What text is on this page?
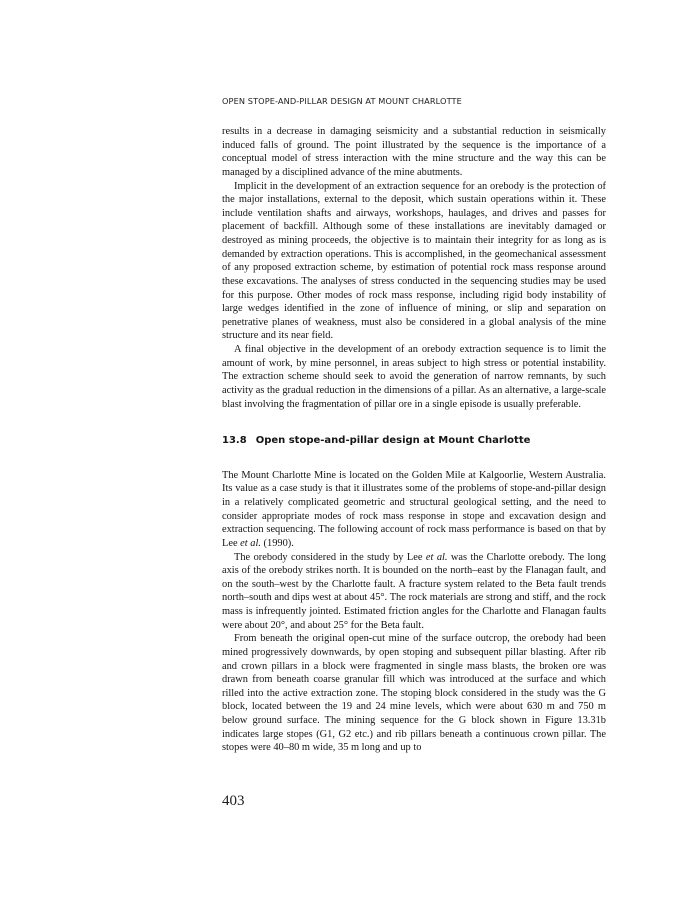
OPEN STOPE-AND-PILLAR DESIGN AT MOUNT CHARLOTTE

results in a decrease in damaging seismicity and a substantial reduction in seismically induced falls of ground. The point illustrated by the sequence is the importance of a conceptual model of stress interaction with the mine structure and the way this can be managed by a disciplined advance of the mine abutments.

Implicit in the development of an extraction sequence for an orebody is the protection of the major installations, external to the deposit, which sustain operations within it. These include ventilation shafts and airways, workshops, haulages, and drives and passes for placement of backfill. Although some of these installations are inevitably damaged or destroyed as mining proceeds, the objective is to maintain their integrity for as long as is demanded by extraction operations. This is accomplished, in the geomechanical assessment of any proposed extraction scheme, by estimation of potential rock mass response around these excavations. The analyses of stress conducted in the sequencing studies may be used for this purpose. Other modes of rock mass response, including rigid body instability of large wedges identified in the zone of influence of mining, or slip and separation on penetrative planes of weakness, must also be considered in a global analysis of the mine structure and its near field.

A final objective in the development of an orebody extraction sequence is to limit the amount of work, by mine personnel, in areas subject to high stress or potential instability. The extraction scheme should seek to avoid the generation of narrow remnants, by such activity as the gradual reduction in the dimensions of a pillar. As an alternative, a large-scale blast involving the fragmentation of pillar ore in a single episode is usually preferable.

13.8 Open stope-and-pillar design at Mount Charlotte

The Mount Charlotte Mine is located on the Golden Mile at Kalgoorlie, Western Australia. Its value as a case study is that it illustrates some of the problems of stope-and-pillar design in a relatively complicated geometric and structural geological setting, and the need to consider appropriate modes of rock mass response in stope and excavation design and extraction sequencing. The following account of rock mass performance is based on that by Lee et al. (1990).

The orebody considered in the study by Lee et al. was the Charlotte orebody. The long axis of the orebody strikes north. It is bounded on the north–east by the Flanagan fault, and on the south–west by the Charlotte fault. A fracture system related to the Beta fault trends north–south and dips west at about 45°. The rock materials are strong and stiff, and the rock mass is infrequently jointed. Estimated friction angles for the Charlotte and Flanagan faults were about 20°, and about 25° for the Beta fault.

From beneath the original open-cut mine of the surface outcrop, the orebody had been mined progressively downwards, by open stoping and subsequent pillar blasting. After rib and crown pillars in a block were fragmented in single mass blasts, the broken ore was drawn from beneath coarse granular fill which was introduced at the surface and which rilled into the active extraction zone. The stoping block considered in the study was the G block, located between the 19 and 24 mine levels, which were about 630 m and 750 m below ground surface. The mining sequence for the G block shown in Figure 13.31b indicates large stopes (G1, G2 etc.) and rib pillars beneath a continuous crown pillar. The stopes were 40–80 m wide, 35 m long and up to

403
